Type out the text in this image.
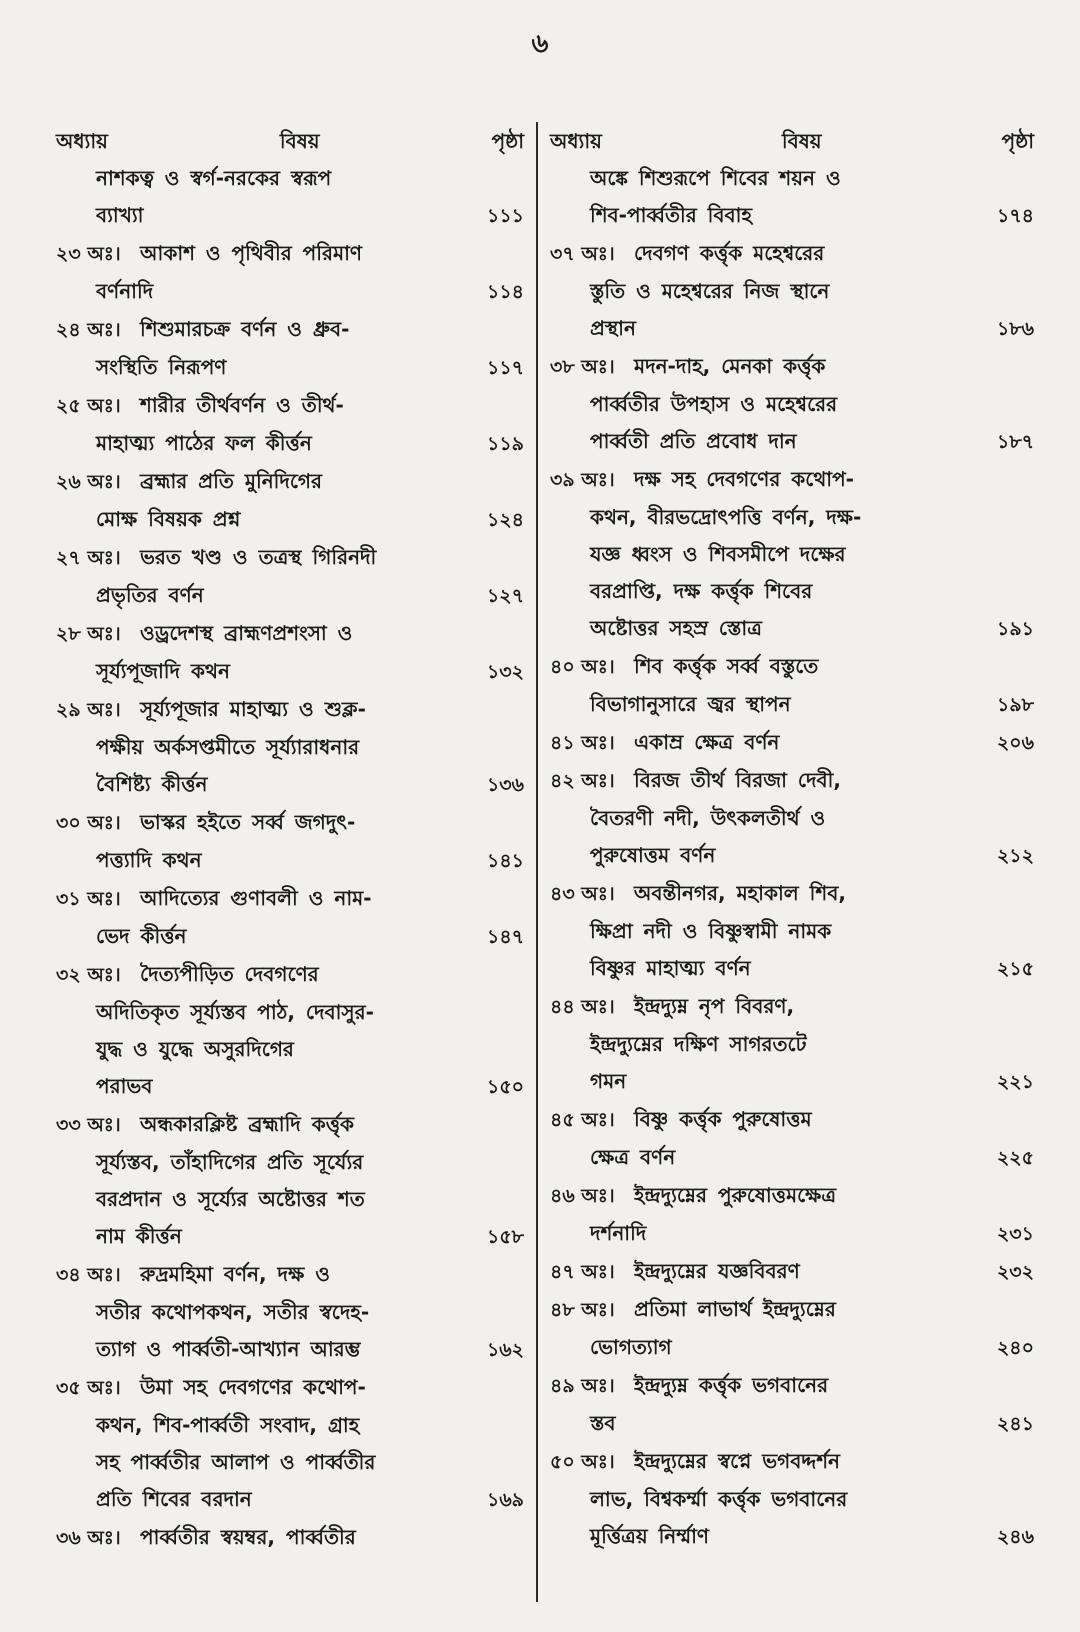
৬
অধ্যায়	বিষয়	পৃষ্ঠা
নাশকত্ব ও স্বর্গ-নরকের স্বরূপ
ব্যাখ্যা	১১১
২৩ অঃ। আকাশ ও পৃথিবীর পরিমাণ
বর্ণনাদি	১১৪
২৪ অঃ। শিশুমারচক্র বর্ণন ও ধ্রুব-
সংস্থিতি নিরূপণ	১১৭
২৫ অঃ। শারীর তীর্থবর্ণন ও তীর্থ-
মাহাত্ম্য পাঠের ফল কীর্ত্তন	১১৯
২৬ অঃ। ব্রহ্মার প্রতি মুনিদিগের
মোক্ষ বিষয়ক প্রশ্ন	১২৪
২৭ অঃ। ভরত খণ্ড ও তত্রস্থ গিরিনদী
প্রভৃতির বর্ণন	১২৭
২৮ অঃ। ওড্রদেশস্থ ব্রাহ্মণপ্রশংসা ও
সূর্য্যপূজাদি কথন	১৩২
২৯ অঃ। সূর্য্যপূজার মাহাত্ম্য ও শুক্ল-
পক্ষীয় অর্কসপ্তমীতে সূর্য্যারাধনার
বৈশিষ্ট্য কীর্ত্তন	১৩৬
৩০ অঃ। ভাস্কর হইতে সর্ব্ব জগদুৎ-
পত্ত্যাদি কথন	১৪১
৩১ অঃ। আদিত্যের গুণাবলী ও নাম-
ভেদ কীর্ত্তন	১৪৭
৩২ অঃ। দৈত্যপীড়িত দেবগণের
অদিতিকৃত সূর্য্যস্তব পাঠ, দেবাসুর-
যুদ্ধ ও যুদ্ধে অসুরদিগের
পরাভব	১৫০
৩৩ অঃ। অন্ধকারক্লিষ্ট ব্রহ্মাদি কর্ত্তৃক
সূর্য্যস্তব, তাঁহাদিগের প্রতি সূর্য্যের
বরপ্রদান ও সূর্য্যের অষ্টোত্তর শত
নাম কীর্ত্তন	১৫৮
৩৪ অঃ। রুদ্রমহিমা বর্ণন, দক্ষ ও
সতীর কথোপকথন, সতীর স্বদেহ-
ত্যাগ ও পার্ব্বতী-আখ্যান আরম্ভ	১৬২
৩৫ অঃ। উমা সহ দেবগণের কথোপ-
কথন, শিব-পার্ব্বতী সংবাদ, গ্রাহ
সহ পার্ব্বতীর আলাপ ও পার্ব্বতীর
প্রতি শিবের বরদান	১৬৯
৩৬ অঃ। পার্ব্বতীর স্বয়ম্বর, পার্ব্বতীর
অধ্যায়	বিষয়	পৃষ্ঠা
অঙ্কে শিশুরূপে শিবের শয়ন ও
শিব-পার্ব্বতীর বিবাহ	১৭৪
৩৭ অঃ। দেবগণ কর্ত্তৃক মহেশ্বরের
স্তুতি ও মহেশ্বরের নিজ স্থানে
প্রস্থান	১৮৬
৩৮ অঃ। মদন-দাহ, মেনকা কর্ত্তৃক
পার্ব্বতীর উপহাস ও মহেশ্বরের
পার্ব্বতী প্রতি প্রবোধ দান	১৮৭
৩৯ অঃ। দক্ষ সহ দেবগণের কথোপ-
কথন, বীরভদ্রোৎপত্তি বর্ণন, দক্ষ-
যজ্ঞ ধ্বংস ও শিবসমীপে দক্ষের
বরপ্রাপ্তি, দক্ষ কর্ত্তৃক শিবের
অষ্টোত্তর সহস্র স্তোত্র	১৯১
৪০ অঃ। শিব কর্ত্তৃক সর্ব্ব বস্তুতে
বিভাগানুসারে জ্বর স্থাপন	১৯৮
৪১ অঃ। একাম্র ক্ষেত্র বর্ণন	২০৬
৪২ অঃ। বিরজ তীর্থ বিরজা দেবী,
বৈতরণী নদী, উৎকলতীর্থ ও
পুরুষোত্তম বর্ণন	২১২
৪৩ অঃ। অবন্তীনগর, মহাকাল শিব,
ক্ষিপ্রা নদী ও বিষ্ণুস্বামী নামক
বিষ্ণুর মাহাত্ম্য বর্ণন	২১৫
৪৪ অঃ। ইন্দ্রদ্যুম্ন নৃপ বিবরণ,
ইন্দ্রদ্যুম্নের দক্ষিণ সাগরতটে
গমন	২২১
৪৫ অঃ। বিষ্ণু কর্ত্তৃক পুরুষোত্তম
ক্ষেত্র বর্ণন	২২৫
৪৬ অঃ। ইন্দ্রদ্যুম্নের পুরুষোত্তমক্ষেত্র
দর্শনাদি	২৩১
৪৭ অঃ। ইন্দ্রদ্যুম্নের যজ্ঞবিবরণ	২৩২
৪৮ অঃ। প্রতিমা লাভার্থ ইন্দ্রদ্যুম্নের
ভোগত্যাগ	২৪০
৪৯ অঃ। ইন্দ্রদ্যুম্ন কর্ত্তৃক ভগবানের
স্তব	২৪১
৫০ অঃ। ইন্দ্রদ্যুম্নের স্বপ্নে ভগবদ্দর্শন
লাভ, বিশ্বকর্ম্মা কর্ত্তৃক ভগবানের
মূর্ত্তিত্রয় নির্ম্মাণ	২৪৬
